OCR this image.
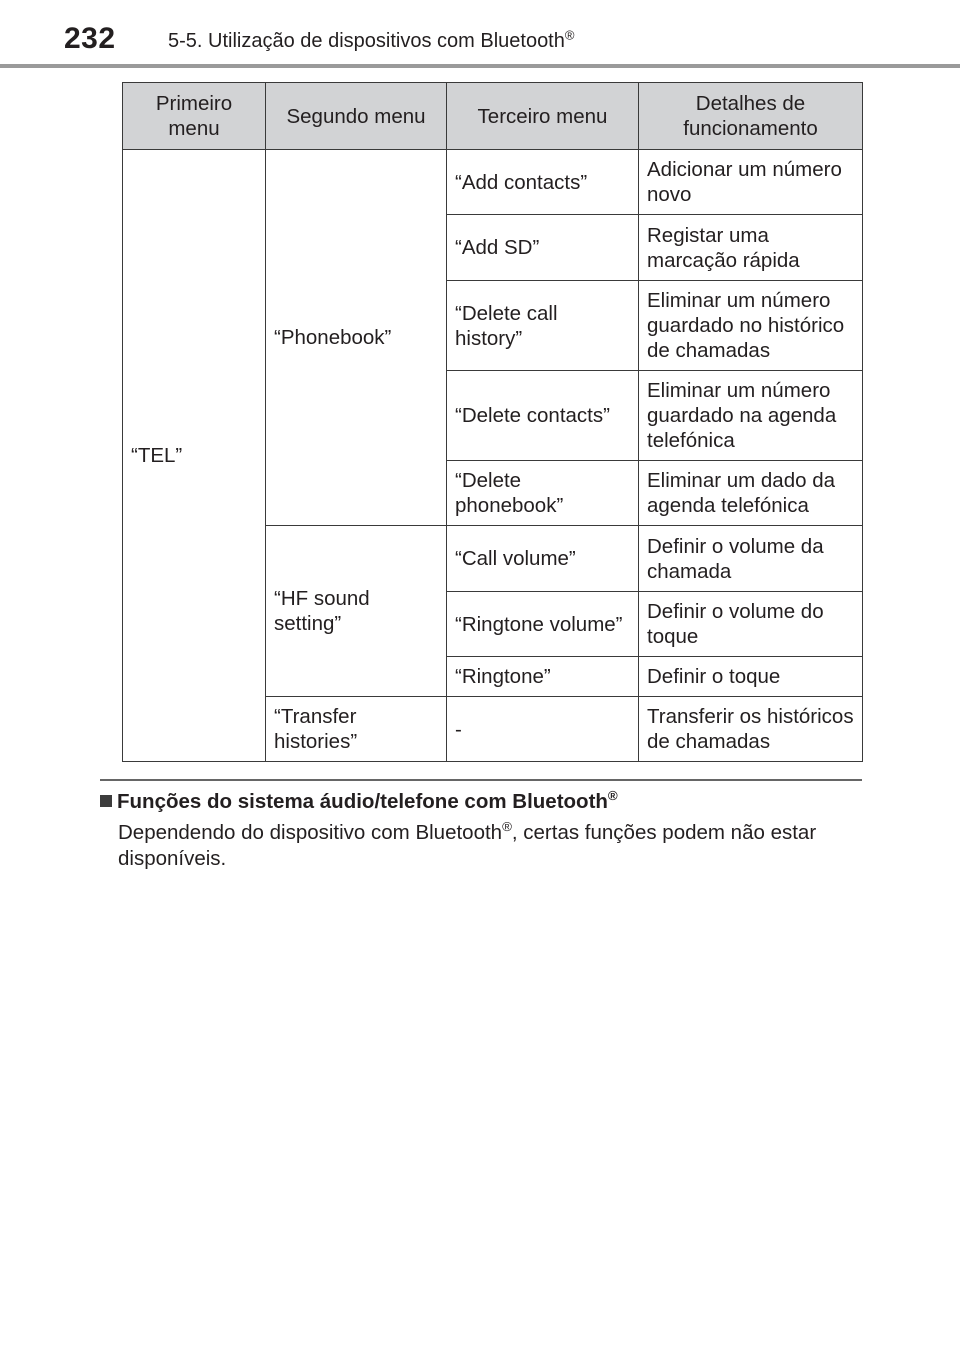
232	5-5. Utilização de dispositivos com Bluetooth®
Primeiro menu	Segundo menu	Terceiro menu	Detalhes de funcionamento
“TEL”	“Phonebook”	“Add contacts”	Adicionar um número novo
		“Add SD”	Registar uma marcação rápida
		“Delete call history”	Eliminar um número guardado no histórico de chamadas
		“Delete contacts”	Eliminar um número guardado na agenda telefónica
		“Delete phonebook”	Eliminar um dado da agenda telefónica
	“HF sound setting”	“Call volume”	Definir o volume da chamada
		“Ringtone volume”	Definir o volume do toque
		“Ringtone”	Definir o toque
	“Transfer histories”	-	Transferir os históricos de chamadas
Funções do sistema áudio/telefone com Bluetooth®
Dependendo do dispositivo com Bluetooth®, certas funções podem não estar disponíveis.
